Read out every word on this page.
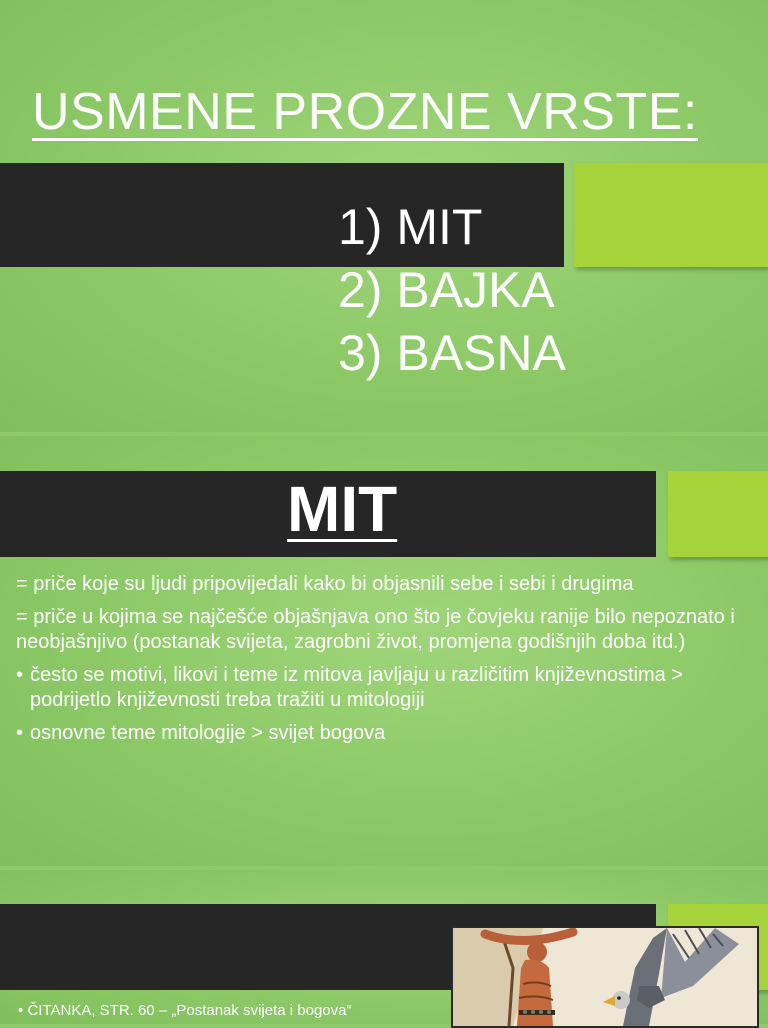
USMENE PROZNE VRSTE:
1) MIT
2) BAJKA
3) BASNA
MIT

= priče koje su ljudi pripovijedali kako bi objasnili sebe i sebi i drugima

= priče u kojima se najčešće objašnjava ono što je čovjeku ranije bilo nepoznato i neobjašnjivo (postanak svijeta, zagrobni život, promjena godišnjih doba itd.)

• često se motivi, likovi i teme iz mitova javljaju u različitim književnostima > podrijetlo književnosti treba tražiti u mitologiji

• osnovne teme mitologije > svijet bogova

• ČITANKA, STR. 60 – „Postanak svijeta i bogova“
